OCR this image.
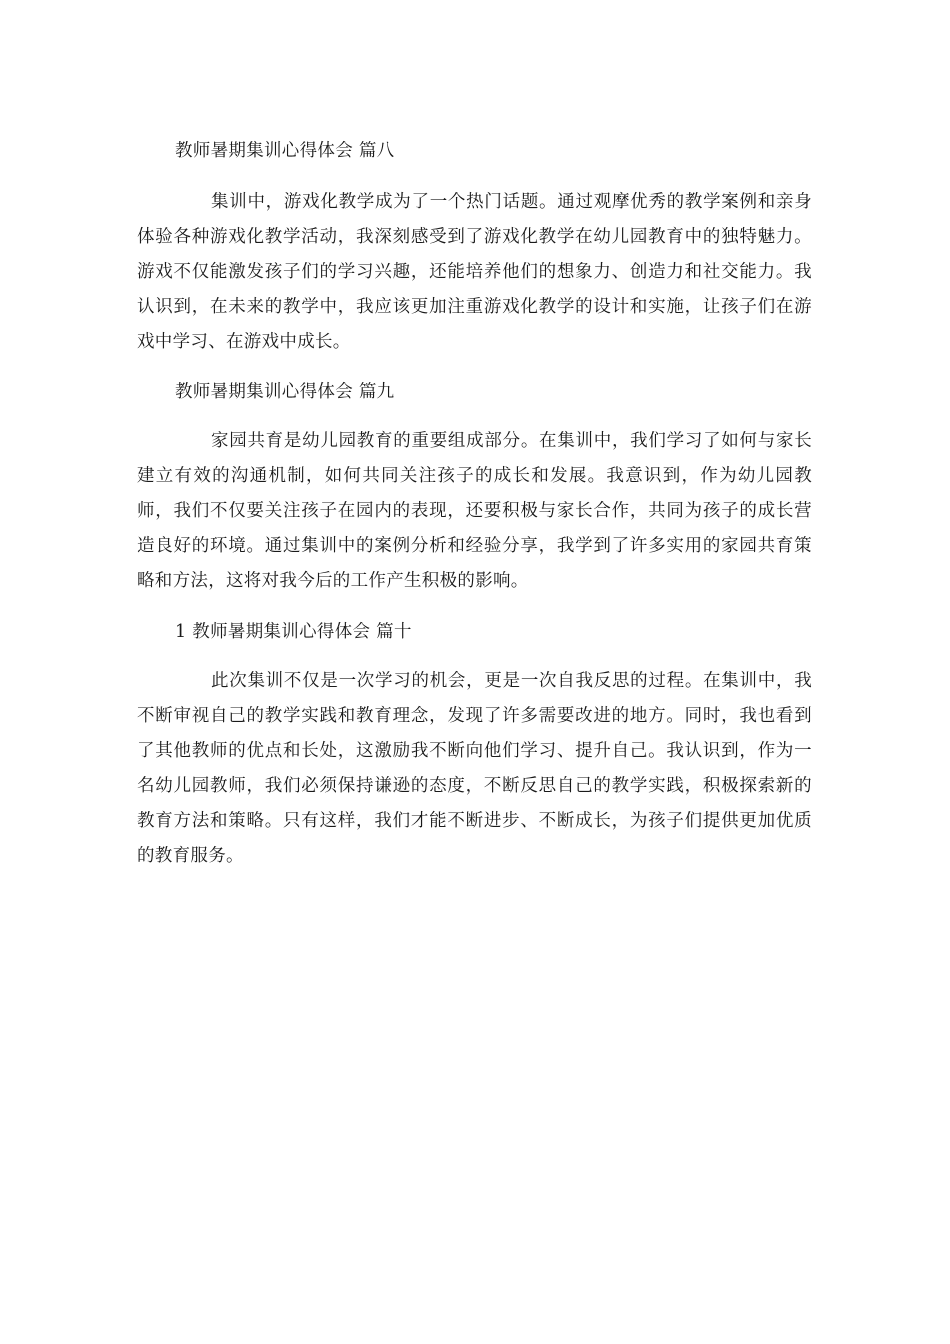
教师暑期集训心得体会 篇八

集训中，游戏化教学成为了一个热门话题。通过观摩优秀的教学案例和亲身体验各种游戏化教学活动，我深刻感受到了游戏化教学在幼儿园教育中的独特魅力。游戏不仅能激发孩子们的学习兴趣，还能培养他们的想象力、创造力和社交能力。我认识到，在未来的教学中，我应该更加注重游戏化教学的设计和实施，让孩子们在游戏中学习、在游戏中成长。

教师暑期集训心得体会 篇九

家园共育是幼儿园教育的重要组成部分。在集训中，我们学习了如何与家长建立有效的沟通机制，如何共同关注孩子的成长和发展。我意识到，作为幼儿园教师，我们不仅要关注孩子在园内的表现，还要积极与家长合作，共同为孩子的成长营造良好的环境。通过集训中的案例分析和经验分享，我学到了许多实用的家园共育策略和方法，这将对我今后的工作产生积极的影响。

1 教师暑期集训心得体会 篇十

此次集训不仅是一次学习的机会，更是一次自我反思的过程。在集训中，我不断审视自己的教学实践和教育理念，发现了许多需要改进的地方。同时，我也看到了其他教师的优点和长处，这激励我不断向他们学习、提升自己。我认识到，作为一名幼儿园教师，我们必须保持谦逊的态度，不断反思自己的教学实践，积极探索新的教育方法和策略。只有这样，我们才能不断进步、不断成长，为孩子们提供更加优质的教育服务。
